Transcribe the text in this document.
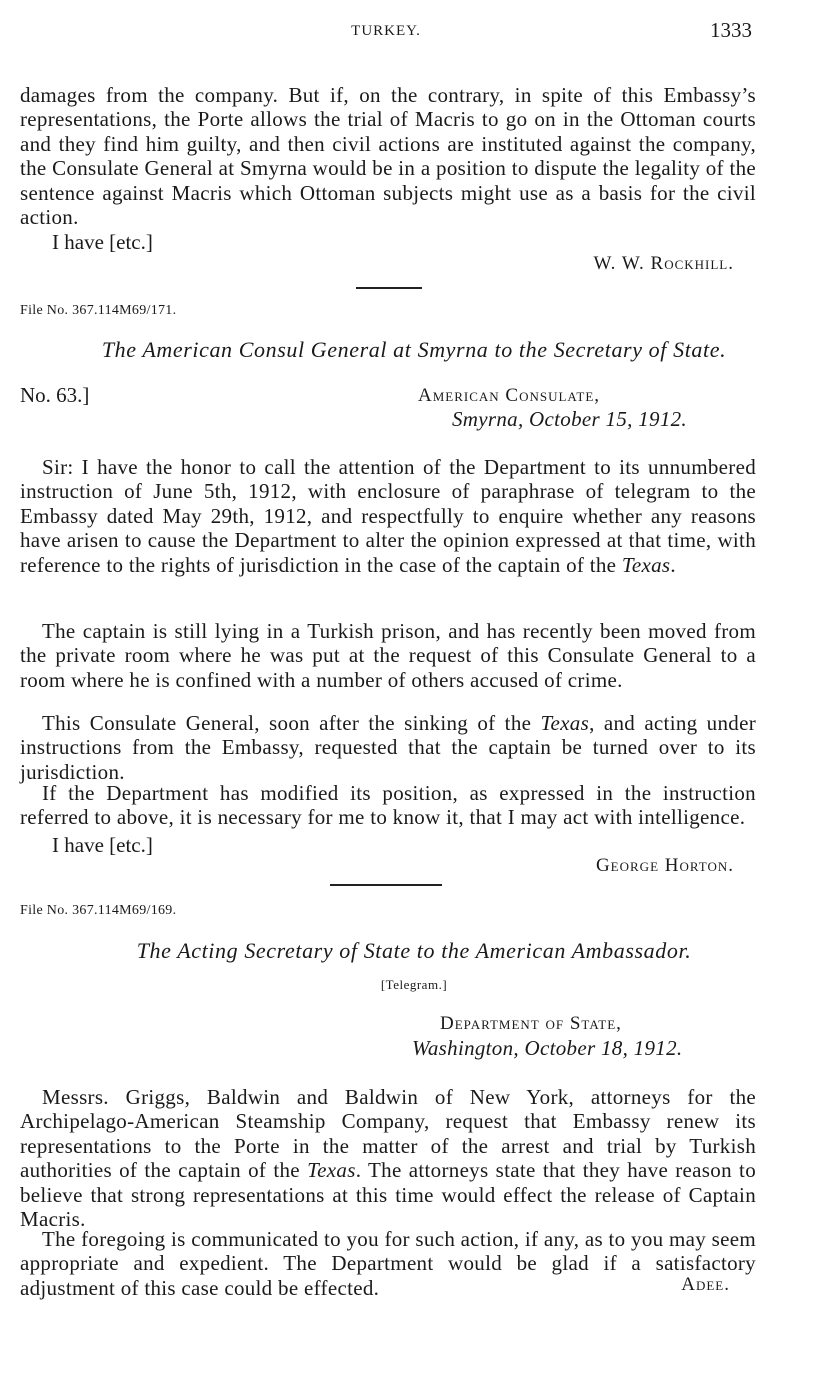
TURKEY.	1333

damages from the company. But if, on the contrary, in spite of this Embassy’s representations, the Porte allows the trial of Macris to go on in the Ottoman courts and they find him guilty, and then civil actions are instituted against the company, the Consulate General at Smyrna would be in a position to dispute the legality of the sentence against Macris which Ottoman subjects might use as a basis for the civil action.

I have [etc.]
W. W. Rockhill.
File No. 367.114M69/171.
The American Consul General at Smyrna to the Secretary of State.
No. 63.]	American Consulate,
Smyrna, October 15, 1912.

Sir: I have the honor to call the attention of the Department to its unnumbered instruction of June 5th, 1912, with enclosure of paraphrase of telegram to the Embassy dated May 29th, 1912, and respectfully to enquire whether any reasons have arisen to cause the Department to alter the opinion expressed at that time, with reference to the rights of jurisdiction in the case of the captain of the Texas.

The captain is still lying in a Turkish prison, and has recently been moved from the private room where he was put at the request of this Consulate General to a room where he is confined with a number of others accused of crime.

This Consulate General, soon after the sinking of the Texas, and acting under instructions from the Embassy, requested that the captain be turned over to its jurisdiction.

If the Department has modified its position, as expressed in the instruction referred to above, it is necessary for me to know it, that I may act with intelligence.

I have [etc.]
George Horton.
File No. 367.114M69/169.
The Acting Secretary of State to the American Ambassador.
[Telegram.]
Department of State,
Washington, October 18, 1912.

Messrs. Griggs, Baldwin and Baldwin of New York, attorneys for the Archipelago-American Steamship Company, request that Embassy renew its representations to the Porte in the matter of the arrest and trial by Turkish authorities of the captain of the Texas. The attorneys state that they have reason to believe that strong representations at this time would effect the release of Captain Macris.

The foregoing is communicated to you for such action, if any, as to you may seem appropriate and expedient. The Department would be glad if a satisfactory adjustment of this case could be effected.	Adee.
